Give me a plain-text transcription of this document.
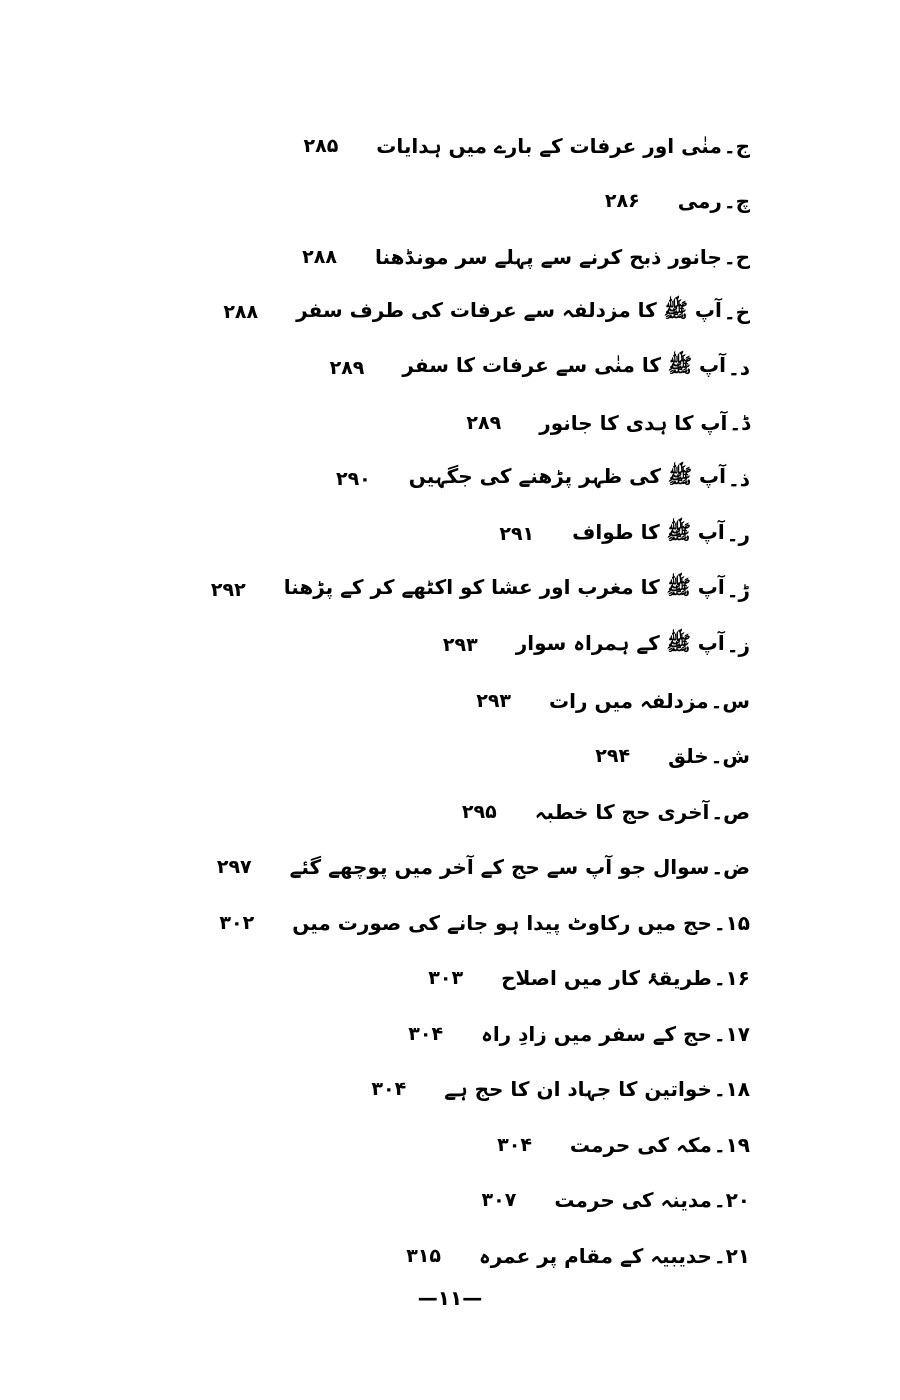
ج۔
منٰی اور عرفات کے بارے میں ہدایات
۲۸۵
چ۔
رمی
۲۸۶
ح۔
جانور ذبح کرنے سے پہلے سر مونڈھنا
۲۸۸
خ۔
آپ ﷺ کا مزدلفہ سے عرفات کی طرف سفر
۲۸۸
د۔
آپ ﷺ کا منٰی سے عرفات کا سفر
۲۸۹
ڈ۔
آپ کا ہدی کا جانور
۲۸۹
ذ۔
آپ ﷺ کی ظہر پڑھنے کی جگہیں
۲۹۰
ر۔
آپ ﷺ کا طواف
۲۹۱
ڑ۔
آپ ﷺ کا مغرب اور عشا کو اکٹھے کر کے پڑھنا
۲۹۲
ز۔
آپ ﷺ کے ہمراہ سوار
۲۹۳
س۔
مزدلفہ میں رات
۲۹۳
ش۔
خلق
۲۹۴
ص۔
آخری حج کا خطبہ
۲۹۵
ض۔
سوال جو آپ سے حج کے آخر میں پوچھے گئے
۲۹۷
۱۵۔
حج میں رکاوٹ پیدا ہو جانے کی صورت میں
۳۰۲
۱۶۔
طریقۂ کار میں اصلاح
۳۰۳
۱۷۔
حج کے سفر میں زادِ راہ
۳۰۴
۱۸۔
خواتین کا جہاد ان کا حج ہے
۳۰۴
۱۹۔
مکہ کی حرمت
۳۰۴
۲۰۔
مدینہ کی حرمت
۳۰۷
۲۱۔
حدیبیہ کے مقام پر عمرہ
۳۱۵
—۱۱—
